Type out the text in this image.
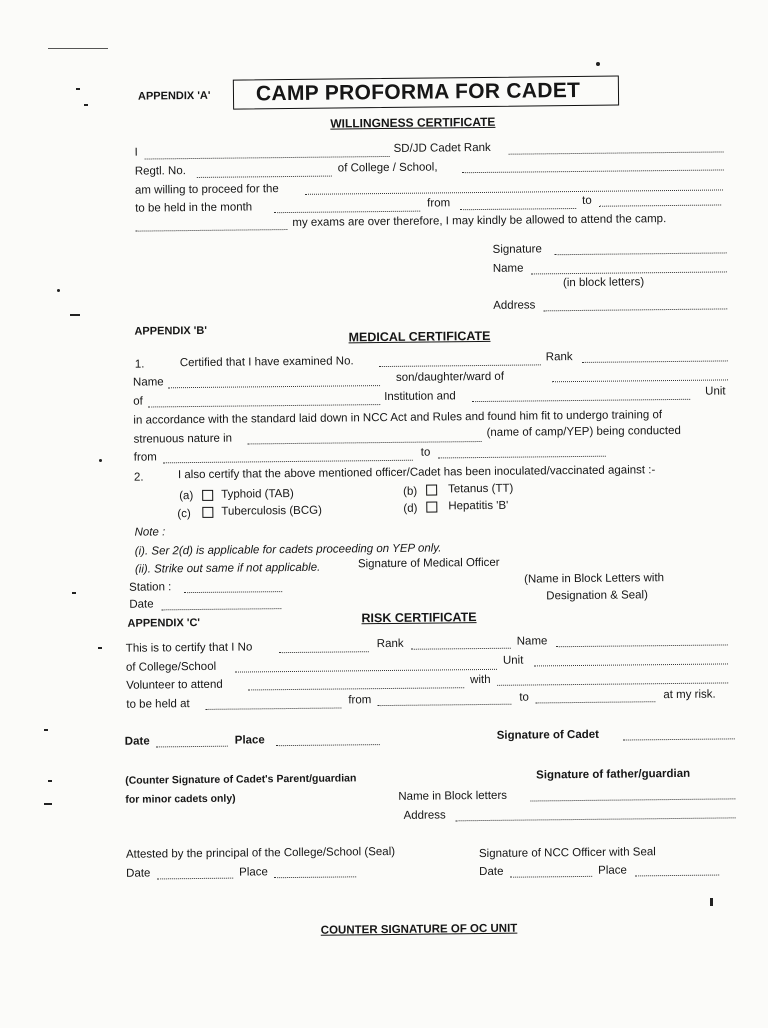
APPENDIX 'A' CAMP PROFORMA FOR CADET
WILLINGNESS CERTIFICATE
I	SD/JD Cadet Rank
Regtl. No.	of College / School,
am willing to proceed for the
to be held in the month	from	to
my exams are over therefore, I may kindly be allowed to attend the camp.
Signature
Name
(in block letters)
Address
APPENDIX 'B'	MEDICAL CERTIFICATE
1.	Certified that I have examined No.	Rank
Name	son/daughter/ward of
of	Institution and	Unit
in accordance with the standard laid down in NCC Act and Rules and found him fit to undergo training of
strenuous nature in
(name of camp/YEP) being conducted
from	to
2.	I also certify that the above mentioned officer/Cadet has been inoculated/vaccinated against :-
(a) Typhoid (TAB)	(b)	Tetanus (TT)
(c)	Tuberculosis (BCG)	(d)	Hepatitis 'B'
Note :
(i). Ser 2(d) is applicable for cadets proceeding on YEP only.
(ii). Strike out same if not applicable.	Signature of Medical Officer
Station :
(Name in Block Letters with
Date
Designation & Seal)
APPENDIX 'C'	RISK CERTIFICATE
This is to certify that I No	Rank	Name
of College/School
Unit
Volunteer to attend	with
to be held at	from	to	at my risk.
Date	Place	Signature of Cadet
(Counter Signature of Cadet's Parent/guardian
for minor cadets only)
Signature of father/guardian
Name in Block letters
Address
Attested by the principal of the College/School (Seal)	Signature of NCC Officer with Seal
Date	Place	Date	Place
COUNTER SIGNATURE OF OC UNIT
